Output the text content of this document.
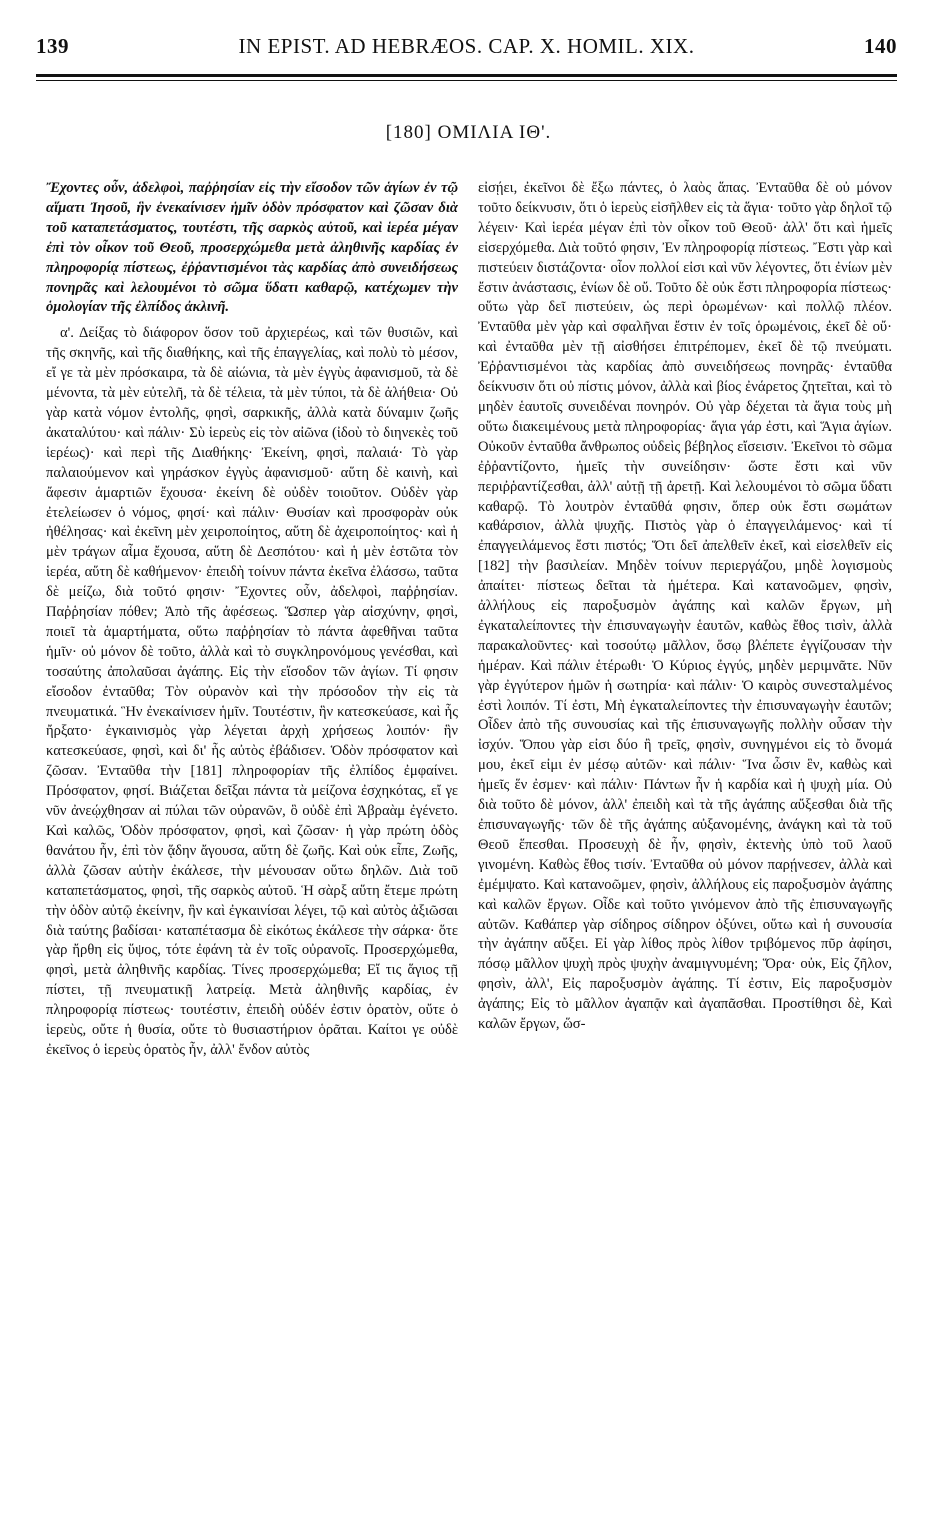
139	IN EPIST. AD HEBRÆOS. CAP. X. HOMIL. XIX.	140
[180] ΟΜΙΛΙΑ ΙΘ'.

Ἔχοντες οὖν, ἀδελφοὶ, παῤῥησίαν εἰς τὴν εἴσοδον τῶν ἁγίων ἐν τῷ αἵματι Ἰησοῦ, ἣν ἐνεκαίνισεν ἡμῖν ὁδὸν πρόσφατον καὶ ζῶσαν διὰ τοῦ καταπετάσματος, τουτέστι, τῆς σαρκὸς αὐτοῦ, καὶ ἱερέα μέγαν ἐπὶ τὸν οἶκον τοῦ Θεοῦ, προσερχώμεθα μετὰ ἀληθινῆς καρδίας ἐν πληροφορίᾳ πίστεως, ἐῤῥαντισμένοι τὰς καρδίας ἀπὸ συνειδήσεως πονηρᾶς καὶ λελουμένοι τὸ σῶμα ὕδατι καθαρῷ, κατέχωμεν τὴν ὁμολογίαν τῆς ἐλπίδος ἀκλινῆ.

α'. Δείξας τὸ διάφορον ὅσον τοῦ ἀρχιερέως, καὶ τῶν θυσιῶν, καὶ τῆς σκηνῆς, καὶ τῆς διαθήκης, καὶ τῆς ἐπαγγελίας, καὶ πολὺ τὸ μέσον, εἴ γε τὰ μὲν πρόσκαιρα, τὰ δὲ αἰώνια, τὰ μὲν ἐγγὺς ἀφανισμοῦ, τὰ δὲ μένοντα, τὰ μὲν εὐτελῆ, τὰ δὲ τέλεια, τὰ μὲν τύποι, τὰ δὲ ἀλήθεια· Οὐ γὰρ κατὰ νόμον ἐντολῆς, φησὶ, σαρκικῆς, ἀλλὰ κατὰ δύναμιν ζωῆς ἀκαταλύτου· καὶ πάλιν· Σὺ ἱερεὺς εἰς τὸν αἰῶνα (ἰδοὺ τὸ διηνεκὲς τοῦ ἱερέως)· καὶ περὶ τῆς Διαθήκης· Ἐκείνη, φησὶ, παλαιά· Τὸ γὰρ παλαιούμενον καὶ γηράσκον ἐγγὺς ἀφανισμοῦ· αὕτη δὲ καινὴ, καὶ ἄφεσιν ἁμαρτιῶν ἔχουσα· ἐκείνη δὲ οὐδὲν τοιοῦτον. Οὐδὲν γὰρ ἐτελείωσεν ὁ νόμος, φησί· καὶ πάλιν· Θυσίαν καὶ προσφορὰν οὐκ ἠθέλησας· καὶ ἐκεῖνη μὲν χειροποίητος, αὕτη δὲ ἀχειροποίητος· καὶ ἡ μὲν τράγων αἷμα ἔχουσα, αὕτη δὲ Δεσπότου· καὶ ἡ μὲν ἑστῶτα τὸν ἱερέα, αὕτη δὲ καθήμενον· ἐπειδὴ τοίνυν πάντα ἐκεῖνα ἐλάσσω, ταῦτα δὲ μείζω, διὰ τοῦτό φησιν· Ἔχοντες οὖν, ἀδελφοὶ, παῤῥησίαν. Παῤῥησίαν πόθεν; Ἀπὸ τῆς ἀφέσεως. Ὥσπερ γὰρ αἰσχύνην, φησὶ, ποιεῖ τὰ ἁμαρτήματα, οὕτω παῤῥησίαν τὸ πάντα ἀφεθῆναι ταῦτα ἡμῖν· οὐ μόνον δὲ τοῦτο, ἀλλὰ καὶ τὸ συγκληρονόμους γενέσθαι, καὶ τοσαύτης ἀπολαῦσαι ἀγάπης. Εἰς τὴν εἴσοδον τῶν ἁγίων. Τί φησιν εἴσοδον ἐνταῦθα; Τὸν οὐρανὸν καὶ τὴν πρόσοδον τὴν εἰς τὰ πνευματικά. Ἣν ἐνεκαίνισεν ἡμῖν. Τουτέστιν, ἣν κατεσκεύασε, καὶ ἧς ἤρξατο· ἐγκαινισμὸς γὰρ λέγεται ἀρχὴ χρήσεως λοιπόν· ἣν κατεσκεύασε, φησὶ, καὶ δι' ἧς αὐτὸς ἐβάδισεν. Ὁδὸν πρόσφατον καὶ ζῶσαν. Ἐνταῦθα τὴν [181] πληροφορίαν τῆς ἐλπίδος ἐμφαίνει. Πρόσφατον, φησί. Βιάζεται δεῖξαι πάντα τὰ μείζονα ἐσχηκότας, εἴ γε νῦν ἀνεῴχθησαν αἱ πύλαι τῶν οὐρανῶν, ὃ οὐδὲ ἐπὶ Ἀβραὰμ ἐγένετο. Καὶ καλῶς, Ὁδὸν πρόσφατον, φησὶ, καὶ ζῶσαν· ἡ γὰρ πρώτη ὁδὸς θανάτου ἦν, ἐπὶ τὸν ᾅδην ἄγουσα, αὕτη δὲ ζωῆς. Καὶ οὐκ εἶπε, Ζωῆς, ἀλλὰ ζῶσαν αὐτὴν ἐκάλεσε, τὴν μένουσαν οὕτω δηλῶν. Διὰ τοῦ καταπετάσματος, φησὶ, τῆς σαρκὸς αὐτοῦ. Ἡ σὰρξ αὕτη ἔτεμε πρώτη τὴν ὁδὸν αὐτῷ ἐκείνην, ἣν καὶ ἐγκαινίσαι λέγει, τῷ καὶ αὐτὸς ἀξιῶσαι διὰ ταύτης βαδίσαι· καταπέτασμα δὲ εἰκότως ἐκάλεσε τὴν σάρκα· ὅτε γὰρ ἤρθη εἰς ὕψος, τότε ἐφάνη τὰ ἐν τοῖς οὐρανοῖς. Προσερχώμεθα, φησὶ, μετὰ ἀληθινῆς καρδίας. Τίνες προσερχώμεθα; Εἴ τις ἅγιος τῇ πίστει, τῇ πνευματικῇ λατρείᾳ. Μετὰ ἀληθινῆς καρδίας, ἐν πληροφορίᾳ πίστεως· τουτέστιν, ἐπειδὴ οὐδέν ἐστιν ὁρατὸν, οὔτε ὁ ἱερεὺς, οὔτε ἡ θυσία, οὔτε τὸ θυσιαστήριον ὁρᾶται. Καίτοι γε οὐδὲ ἐκεῖνος ὁ ἱερεὺς ὁρατὸς ἦν, ἀλλ' ἔνδον αὐτὸς

εἰσῄει, ἐκεῖνοι δὲ ἔξω πάντες, ὁ λαὸς ἅπας. Ἐνταῦθα δὲ οὐ μόνον τοῦτο δείκνυσιν, ὅτι ὁ ἱερεὺς εἰσῆλθεν εἰς τὰ ἅγια· τοῦτο γὰρ δηλοῖ τῷ λέγειν· Καὶ ἱερέα μέγαν ἐπὶ τὸν οἶκον τοῦ Θεοῦ· ἀλλ' ὅτι καὶ ἡμεῖς εἰσερχόμεθα. Διὰ τοῦτό φησιν, Ἐν πληροφορίᾳ πίστεως. Ἔστι γὰρ καὶ πιστεύειν διστάζοντα· οἷον πολλοί εἰσι καὶ νῦν λέγοντες, ὅτι ἐνίων μὲν ἔστιν ἀνάστασις, ἐνίων δὲ οὔ. Τοῦτο δὲ οὐκ ἔστι πληροφορία πίστεως· οὕτω γὰρ δεῖ πιστεύειν, ὡς περὶ ὁρωμένων· καὶ πολλῷ πλέον. Ἐνταῦθα μὲν γὰρ καὶ σφαλῆναι ἔστιν ἐν τοῖς ὁρωμένοις, ἐκεῖ δὲ οὔ· καὶ ἐνταῦθα μὲν τῇ αἰσθήσει ἐπιτρέπομεν, ἐκεῖ δὲ τῷ πνεύματι. Ἐῤῥαντισμένοι τὰς καρδίας ἀπὸ συνειδήσεως πονηρᾶς· ἐνταῦθα δείκνυσιν ὅτι οὐ πίστις μόνον, ἀλλὰ καὶ βίος ἐνάρετος ζητεῖται, καὶ τὸ μηδὲν ἑαυτοῖς συνειδέναι πονηρόν. Οὐ γὰρ δέχεται τὰ ἅγια τοὺς μὴ οὕτω διακειμένους μετὰ πληροφορίας· ἅγια γάρ ἐστι, καὶ Ἅγια ἁγίων. Οὐκοῦν ἐνταῦθα ἄνθρωπος οὐδεὶς βέβηλος εἴσεισιν. Ἐκεῖνοι τὸ σῶμα ἐῤῥαντίζοντο, ἡμεῖς τὴν συνείδησιν· ὥστε ἔστι καὶ νῦν περιῤῥαντίζεσθαι, ἀλλ' αὐτῇ τῇ ἀρετῇ. Καὶ λελουμένοι τὸ σῶμα ὕδατι καθαρῷ. Τὸ λουτρὸν ἐνταῦθά φησιν, ὅπερ οὐκ ἔστι σωμάτων καθάρσιον, ἀλλὰ ψυχῆς. Πιστὸς γὰρ ὁ ἐπαγγειλάμενος· καὶ τί ἐπαγγειλάμενος ἔστι πιστός; Ὅτι δεῖ ἀπελθεῖν ἐκεῖ, καὶ εἰσελθεῖν εἰς [182] τὴν βασιλείαν. Μηδὲν τοίνυν περιεργάζου, μηδὲ λογισμοὺς ἀπαίτει· πίστεως δεῖται τὰ ἡμέτερα. Καὶ κατανοῶμεν, φησὶν, ἀλλήλους εἰς παροξυσμὸν ἀγάπης καὶ καλῶν ἔργων, μὴ ἐγκαταλείποντες τὴν ἐπισυναγωγὴν ἑαυτῶν, καθὼς ἔθος τισὶν, ἀλλὰ παρακαλοῦντες· καὶ τοσούτῳ μᾶλλον, ὅσῳ βλέπετε ἐγγίζουσαν τὴν ἡμέραν. Καὶ πάλιν ἑτέρωθι· Ὁ Κύριος ἐγγύς, μηδὲν μεριμνᾶτε. Νῦν γὰρ ἐγγύτερον ἡμῶν ἡ σωτηρία· καὶ πάλιν· Ὁ καιρὸς συνεσταλμένος ἐστὶ λοιπόν. Τί ἐστι, Μὴ ἐγκαταλείποντες τὴν ἐπισυναγωγὴν ἑαυτῶν; Οἶδεν ἀπὸ τῆς συνουσίας καὶ τῆς ἐπισυναγωγῆς πολλὴν οὖσαν τὴν ἰσχύν. Ὅπου γὰρ εἰσι δύο ἢ τρεῖς, φησὶν, συνηγμένοι εἰς τὸ ὄνομά μου, ἐκεῖ εἰμι ἐν μέσῳ αὐτῶν· καὶ πάλιν· Ἵνα ὦσιν ἓν, καθὼς καὶ ἡμεῖς ἕν ἐσμεν· καὶ πάλιν· Πάντων ἦν ἡ καρδία καὶ ἡ ψυχὴ μία. Οὐ διὰ τοῦτο δὲ μόνον, ἀλλ' ἐπειδὴ καὶ τὰ τῆς ἀγάπης αὔξεσθαι διὰ τῆς ἐπισυναγωγῆς· τῶν δὲ τῆς ἀγάπης αὐξανομένης, ἀνάγκη καὶ τὰ τοῦ Θεοῦ ἕπεσθαι. Προσευχὴ δὲ ἦν, φησὶν, ἐκτενὴς ὑπὸ τοῦ λαοῦ γινομένη. Καθὼς ἔθος τισίν. Ἐνταῦθα οὐ μόνον παρῄνεσεν, ἀλλὰ καὶ ἐμέμψατο. Καὶ κατανοῶμεν, φησὶν, ἀλλήλους εἰς παροξυσμὸν ἀγάπης καὶ καλῶν ἔργων. Οἶδε καὶ τοῦτο γινόμενον ἀπὸ τῆς ἐπισυναγωγῆς αὐτῶν. Καθάπερ γὰρ σίδηρος σίδηρον ὀξύνει, οὕτω καὶ ἡ συνουσία τὴν ἀγάπην αὔξει. Εἰ γὰρ λίθος πρὸς λίθον τριβόμενος πῦρ ἀφίησι, πόσῳ μᾶλλον ψυχὴ πρὸς ψυχὴν ἀναμιγνυμένη; Ὅρα· οὐκ, Εἰς ζῆλον, φησὶν, ἀλλ', Εἰς παροξυσμὸν ἀγάπης. Τί ἐστιν, Εἰς παροξυσμὸν ἀγάπης; Εἰς τὸ μᾶλλον ἀγαπᾷν καὶ ἀγαπᾶσθαι. Προστίθησι δὲ, Καὶ καλῶν ἔργων, ὥσ-
